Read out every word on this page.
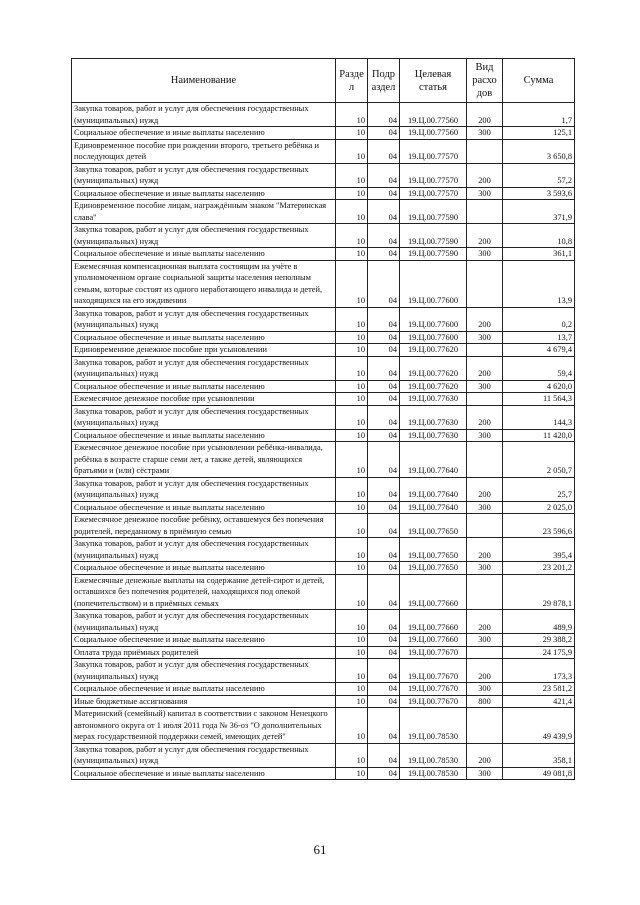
Наименование	Разде л	Подр аздел	Целевая статья	Вид расхо дов	Сумма
Закупка товаров, работ и услуг для обеспечения государственных (муниципальных) нужд	10	04	19.Ц.00.77560	200	1,7
Социальное обеспечение и иные выплаты населению	10	04	19.Ц.00.77560	300	125,1
Единовременное пособие при рождении второго, третьего ребёнка и последующих детей	10	04	19.Ц.00.77570		3 650,8
Закупка товаров, работ и услуг для обеспечения государственных (муниципальных) нужд	10	04	19.Ц.00.77570	200	57,2
Социальное обеспечение и иные выплаты населению	10	04	19.Ц.00.77570	300	3 593,6
Единовременное пособие лицам, награждённым знаком "Материнская слава"	10	04	19.Ц.00.77590		371,9
Закупка товаров, работ и услуг для обеспечения государственных (муниципальных) нужд	10	04	19.Ц.00.77590	200	10,8
Социальное обеспечение и иные выплаты населению	10	04	19.Ц.00.77590	300	361,1
Ежемесячная компенсационная выплата состоящим на учёте в уполномоченном органе социальной защиты населения неполным семьям, которые состоят из одного неработающего инвалида и детей, находящихся на его иждивении	10	04	19.Ц.00.77600		13,9
Закупка товаров, работ и услуг для обеспечения государственных (муниципальных) нужд	10	04	19.Ц.00.77600	200	0,2
Социальное обеспечение и иные выплаты населению	10	04	19.Ц.00.77600	300	13,7
Единовременное денежное пособие при усыновлении	10	04	19.Ц.00.77620		4 679,4
Закупка товаров, работ и услуг для обеспечения государственных (муниципальных) нужд	10	04	19.Ц.00.77620	200	59,4
Социальное обеспечение и иные выплаты населению	10	04	19.Ц.00.77620	300	4 620,0
Ежемесячное денежное пособие при усыновлении	10	04	19.Ц.00.77630		11 564,3
Закупка товаров, работ и услуг для обеспечения государственных (муниципальных) нужд	10	04	19.Ц.00.77630	200	144,3
Социальное обеспечение и иные выплаты населению	10	04	19.Ц.00.77630	300	11 420,0
Ежемесячное денежное пособие при усыновлении ребёнка-инвалида, ребёнка в возрасте старше семи лет, а также детей, являющихся братьями и (или) сёстрами	10	04	19.Ц.00.77640		2 050,7
Закупка товаров, работ и услуг для обеспечения государственных (муниципальных) нужд	10	04	19.Ц.00.77640	200	25,7
Социальное обеспечение и иные выплаты населению	10	04	19.Ц.00.77640	300	2 025,0
Ежемесячное денежное пособие ребёнку, оставшемуся без попечения родителей, переданному в приёмную семью	10	04	19.Ц.00.77650		23 596,6
Закупка товаров, работ и услуг для обеспечения государственных (муниципальных) нужд	10	04	19.Ц.00.77650	200	395,4
Социальное обеспечение и иные выплаты населению	10	04	19.Ц.00.77650	300	23 201,2
Ежемесячные денежные выплаты на содержание детей-сирот и детей, оставшихся без попечения родителей, находящихся под опекой (попечительством) и в приёмных семьях	10	04	19.Ц.00.77660		29 878,1
Закупка товаров, работ и услуг для обеспечения государственных (муниципальных) нужд	10	04	19.Ц.00.77660	200	489,9
Социальное обеспечение и иные выплаты населению	10	04	19.Ц.00.77660	300	29 388,2
Оплата труда приёмных родителей	10	04	19.Ц.00.77670		24 175,9
Закупка товаров, работ и услуг для обеспечения государственных (муниципальных) нужд	10	04	19.Ц.00.77670	200	173,3
Социальное обеспечение и иные выплаты населению	10	04	19.Ц.00.77670	300	23 581,2
Иные бюджетные ассигнования	10	04	19.Ц.00.77670	800	421,4
Материнский (семейный) капитал в соответствии с законом Ненецкого автономного округа от 1 июля 2011 года № 36-оз "О дополнительных мерах государственной поддержки семей, имеющих детей"	10	04	19.Ц.00.78530		49 439,9
Закупка товаров, работ и услуг для обеспечения государственных (муниципальных) нужд	10	04	19.Ц.00.78530	200	358,1
Социальное обеспечение и иные выплаты населению	10	04	19.Ц.00.78530	300	49 081,8
61
